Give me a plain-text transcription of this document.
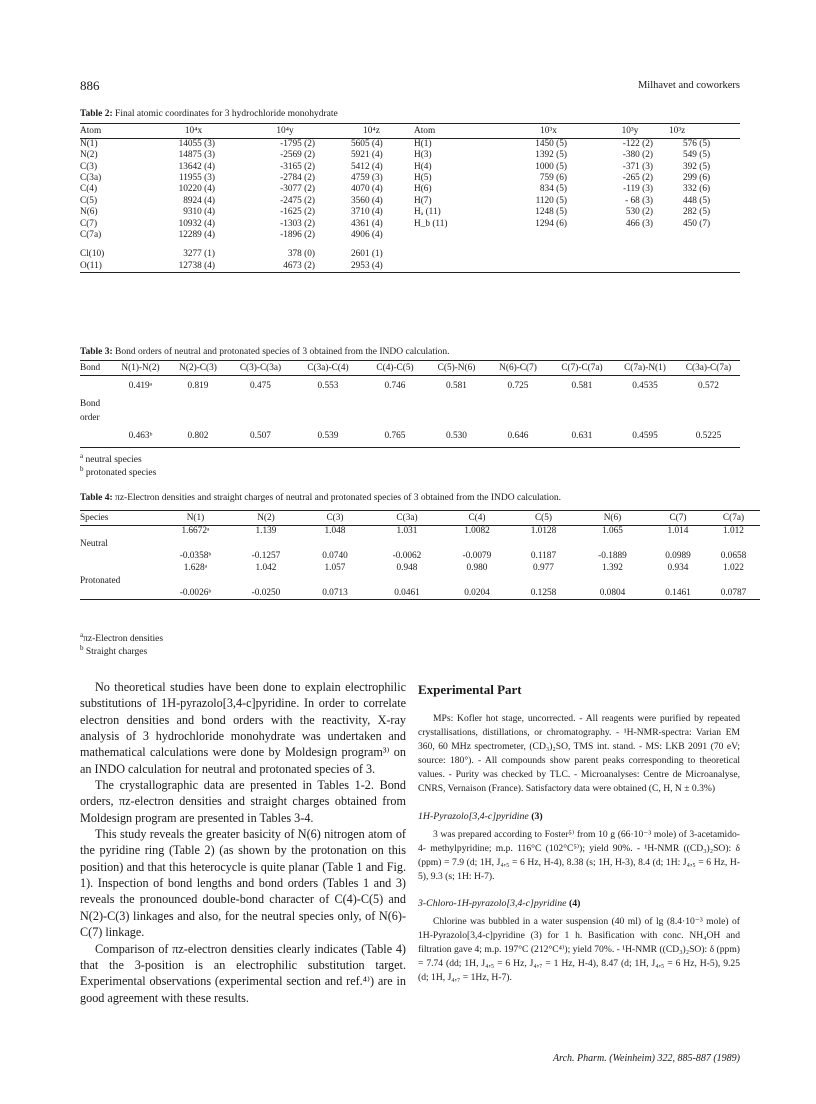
886	Milhavet and coworkers
Table 2: Final atomic coordinates for 3 hydrochloride monohydrate
Atom	10⁴x	10⁴y	10⁴z	Atom	10³x	10³y	10³z
N(1)	14055 (3)	-1795 (2)	5605 (4)	H(1)	1450 (5)	-122 (2)	576 (5)
N(2)	14875 (3)	-2569 (2)	5921 (4)	H(3)	1392 (5)	-380 (2)	549 (5)
C(3)	13642 (4)	-3165 (2)	5412 (4)	H(4)	1000 (5)	-371 (3)	392 (5)
C(3a)	11955 (3)	-2784 (2)	4759 (3)	H(5)	759 (6)	-265 (2)	299 (6)
C(4)	10220 (4)	-3077 (2)	4070 (4)	H(6)	834 (5)	-119 (3)	332 (6)
C(5)	8924 (4)	-2475 (2)	3560 (4)	H(7)	1120 (5)	- 68 (3)	448 (5)
N(6)	9310 (4)	-1625 (2)	3710 (4)	Hₐ (11)	1248 (5)	530 (2)	282 (5)
C(7)	10932 (4)	-1303 (2)	4361 (4)	H_b (11)	1294 (6)	466 (3)	450 (7)
C(7a)	12289 (4)	-1896 (2)	4906 (4)				

Cl(10)	3277 (1)	378 (0)	2601 (1)				
O(11)	12738 (4)	4673 (2)	2953 (4)				
Table 3: Bond orders of neutral and protonated species of 3 obtained from the INDO calculation.
Bond	N(1)-N(2)	N(2)-C(3)	C(3)-C(3a)	C(3a)-C(4)	C(4)-C(5)	C(5)-N(6)	N(6)-C(7)	C(7)-C(7a)	C(7a)-N(1)	C(3a)-C(7a)
	0.419ᵃ	0.819	0.475	0.553	0.746	0.581	0.725	0.581	0.4535	0.572
Bond										
order										
	0.463ᵇ	0.802	0.507	0.539	0.765	0.530	0.646	0.631	0.4595	0.5225
$^a$ neutral species
$^b$ protonated species
Table 4: πz-Electron densities and straight charges of neutral and protonated species of 3 obtained from the INDO calculation.
Species	N(1)	N(2)	C(3)	C(3a)	C(4)	C(5)	N(6)	C(7)	C(7a)
	1.6672ᵃ	1.139	1.048	1.031	1.0082	1.0128	1.065	1.014	1.012
Neutral									
	-0.0358ᵇ	-0.1257	0.0740	-0.0062	-0.0079	0.1187	-0.1889	0.0989	0.0658
	1.628ᵃ	1.042	1.057	0.948	0.980	0.977	1.392	0.934	1.022
Protonated									
	-0.0026ᵇ	-0.0250	0.0713	0.0461	0.0204	0.1258	0.0804	0.1461	0.0787
$^a$πz-Electron densities
$^b$ Straight charges

No theoretical studies have been done to explain electrophilic substitutions of 1H-pyrazolo[3,4-c]pyridine. In order to correlate electron densities and bond orders with the reactivity, X-ray analysis of 3 hydrochloride monohydrate was undertaken and mathematical calculations were done by Moldesign program³⁾ on an INDO calculation for neutral and protonated species of 3.

The crystallographic data are presented in Tables 1-2. Bond orders, πz-electron densities and straight charges obtained from Moldesign program are presented in Tables 3-4.

This study reveals the greater basicity of N(6) nitrogen atom of the pyridine ring (Table 2) (as shown by the protonation on this position) and that this heterocycle is quite planar (Table 1 and Fig. 1). Inspection of bond lengths and bond orders (Tables 1 and 3) reveals the pronounced double-bond character of C(4)-C(5) and N(2)-C(3) linkages and also, for the neutral species only, of N(6)-C(7) linkage.

Comparison of πz-electron densities clearly indicates (Table 4) that the 3-position is an electrophilic substitution target. Experimental observations (experimental section and ref.⁴⁾) are in good agreement with these results.

Experimental Part

MPs: Kofler hot stage, uncorrected. - All reagents were purified by repeated crystallisations, distillations, or chromatography. - ¹H-NMR-spectra: Varian EM 360, 60 MHz spectrometer, (CD₃)₂SO, TMS int. stand. - MS: LKB 2091 (70 eV; source: 180°). - All compounds show parent peaks corresponding to theoretical values. - Purity was checked by TLC. - Microanalyses: Centre de Microanalyse, CNRS, Vernaison (France). Satisfactory data were obtained (C, H, N ± 0.3%)

1H-Pyrazolo[3,4-c]pyridine (3)

3 was prepared according to Foster⁵⁾ from 10 g (66·10⁻³ mole) of 3-acetamido-4- methylpyridine; m.p. 116°C (102°C⁵⁾); yield 90%. - ¹H-NMR ((CD₃)₂SO): δ (ppm) = 7.9 (d; 1H, J₄,₅ = 6 Hz, H-4), 8.38 (s; 1H, H-3), 8.4 (d; 1H: J₄,₅ = 6 Hz, H-5), 9.3 (s; 1H: H-7).

3-Chloro-1H-pyrazolo[3,4-c]pyridine (4)

Chlorine was bubbled in a water suspension (40 ml) of lg (8.4·10⁻³ mole) of 1H-Pyrazolo[3,4-c]pyridine (3) for 1 h. Basification with conc. NH₄OH and filtration gave 4; m.p. 197°C (212°C⁴⁾); yield 70%. - ¹H-NMR ((CD₃)₂SO): δ (ppm) = 7.74 (dd; 1H, J₄,₅ = 6 Hz, J₄,₇ = 1 Hz, H-4), 8.47 (d; 1H, J₄,₅ = 6 Hz, H-5), 9.25 (d; 1H, J₄,₇ = 1Hz, H-7).

Arch. Pharm. (Weinheim) 322, 885-887 (1989)
